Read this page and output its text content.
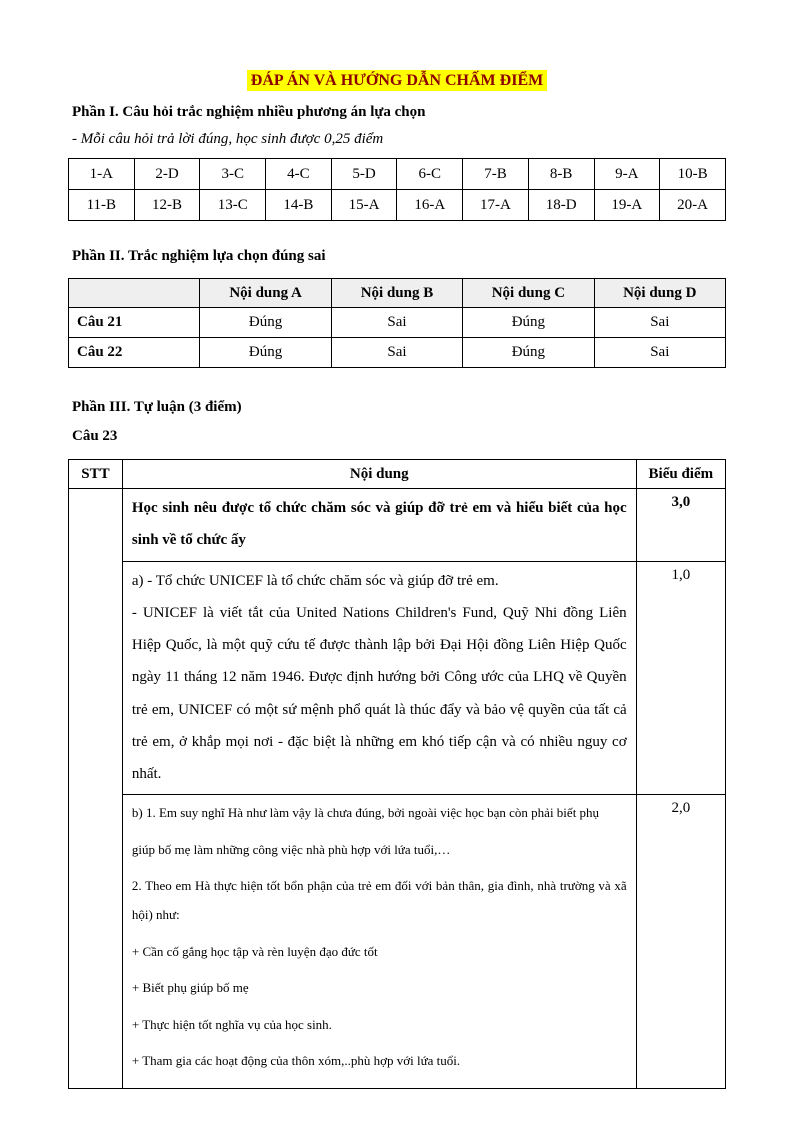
ĐÁP ÁN VÀ HƯỚNG DẪN CHẤM ĐIỂM
Phần I. Câu hỏi trắc nghiệm nhiều phương án lựa chọn
- Mỗi câu hỏi trả lời đúng, học sinh được 0,25 điểm
1-A	2-D	3-C	4-C	5-D	6-C	7-B	8-B	9-A	10-B
11-B	12-B	13-C	14-B	15-A	16-A	17-A	18-D	19-A	20-A
Phần II. Trắc nghiệm lựa chọn đúng sai
	Nội dung A	Nội dung B	Nội dung C	Nội dung D
Câu 21	Đúng	Sai	Đúng	Sai
Câu 22	Đúng	Sai	Đúng	Sai
Phần III. Tự luận (3 điểm)
Câu 23
STT	Nội dung	Biểu điểm
	Học sinh nêu được tổ chức chăm sóc và giúp đỡ trẻ em và hiểu biết của học sinh về tổ chức ấy	3,0

	a) - Tổ chức UNICEF là tổ chức chăm sóc và giúp đỡ trẻ em.
- UNICEF là viết tắt của United Nations Children's Fund, Quỹ Nhi đồng Liên Hiệp Quốc, là một quỹ cứu tế được thành lập bởi Đại Hội đồng Liên Hiệp Quốc ngày 11 tháng 12 năm 1946. Được định hướng bởi Công ước của LHQ về Quyền trẻ em, UNICEF có một sứ mệnh phổ quát là thúc đẩy và bảo vệ quyền của tất cả trẻ em, ở khắp mọi nơi - đặc biệt là những em khó tiếp cận và có nhiều nguy cơ nhất.	1,0

b) 1. Em suy nghĩ Hà như làm vậy là chưa đúng, bởi ngoài việc học bạn còn phải biết phụ

giúp bố mẹ làm những công việc nhà phù hợp với lứa tuổi,…

2. Theo em Hà thực hiện tốt bổn phận của trẻ em đối với bản thân, gia đình, nhà trường và xã hội) như:

+ Cần cố gắng học tập và rèn luyện đạo đức tốt

+ Biết phụ giúp bố mẹ

+ Thực hiện tốt nghĩa vụ của học sinh.

+ Tham gia các hoạt động của thôn xóm,..phù hợp với lứa tuổi.

	2,0
